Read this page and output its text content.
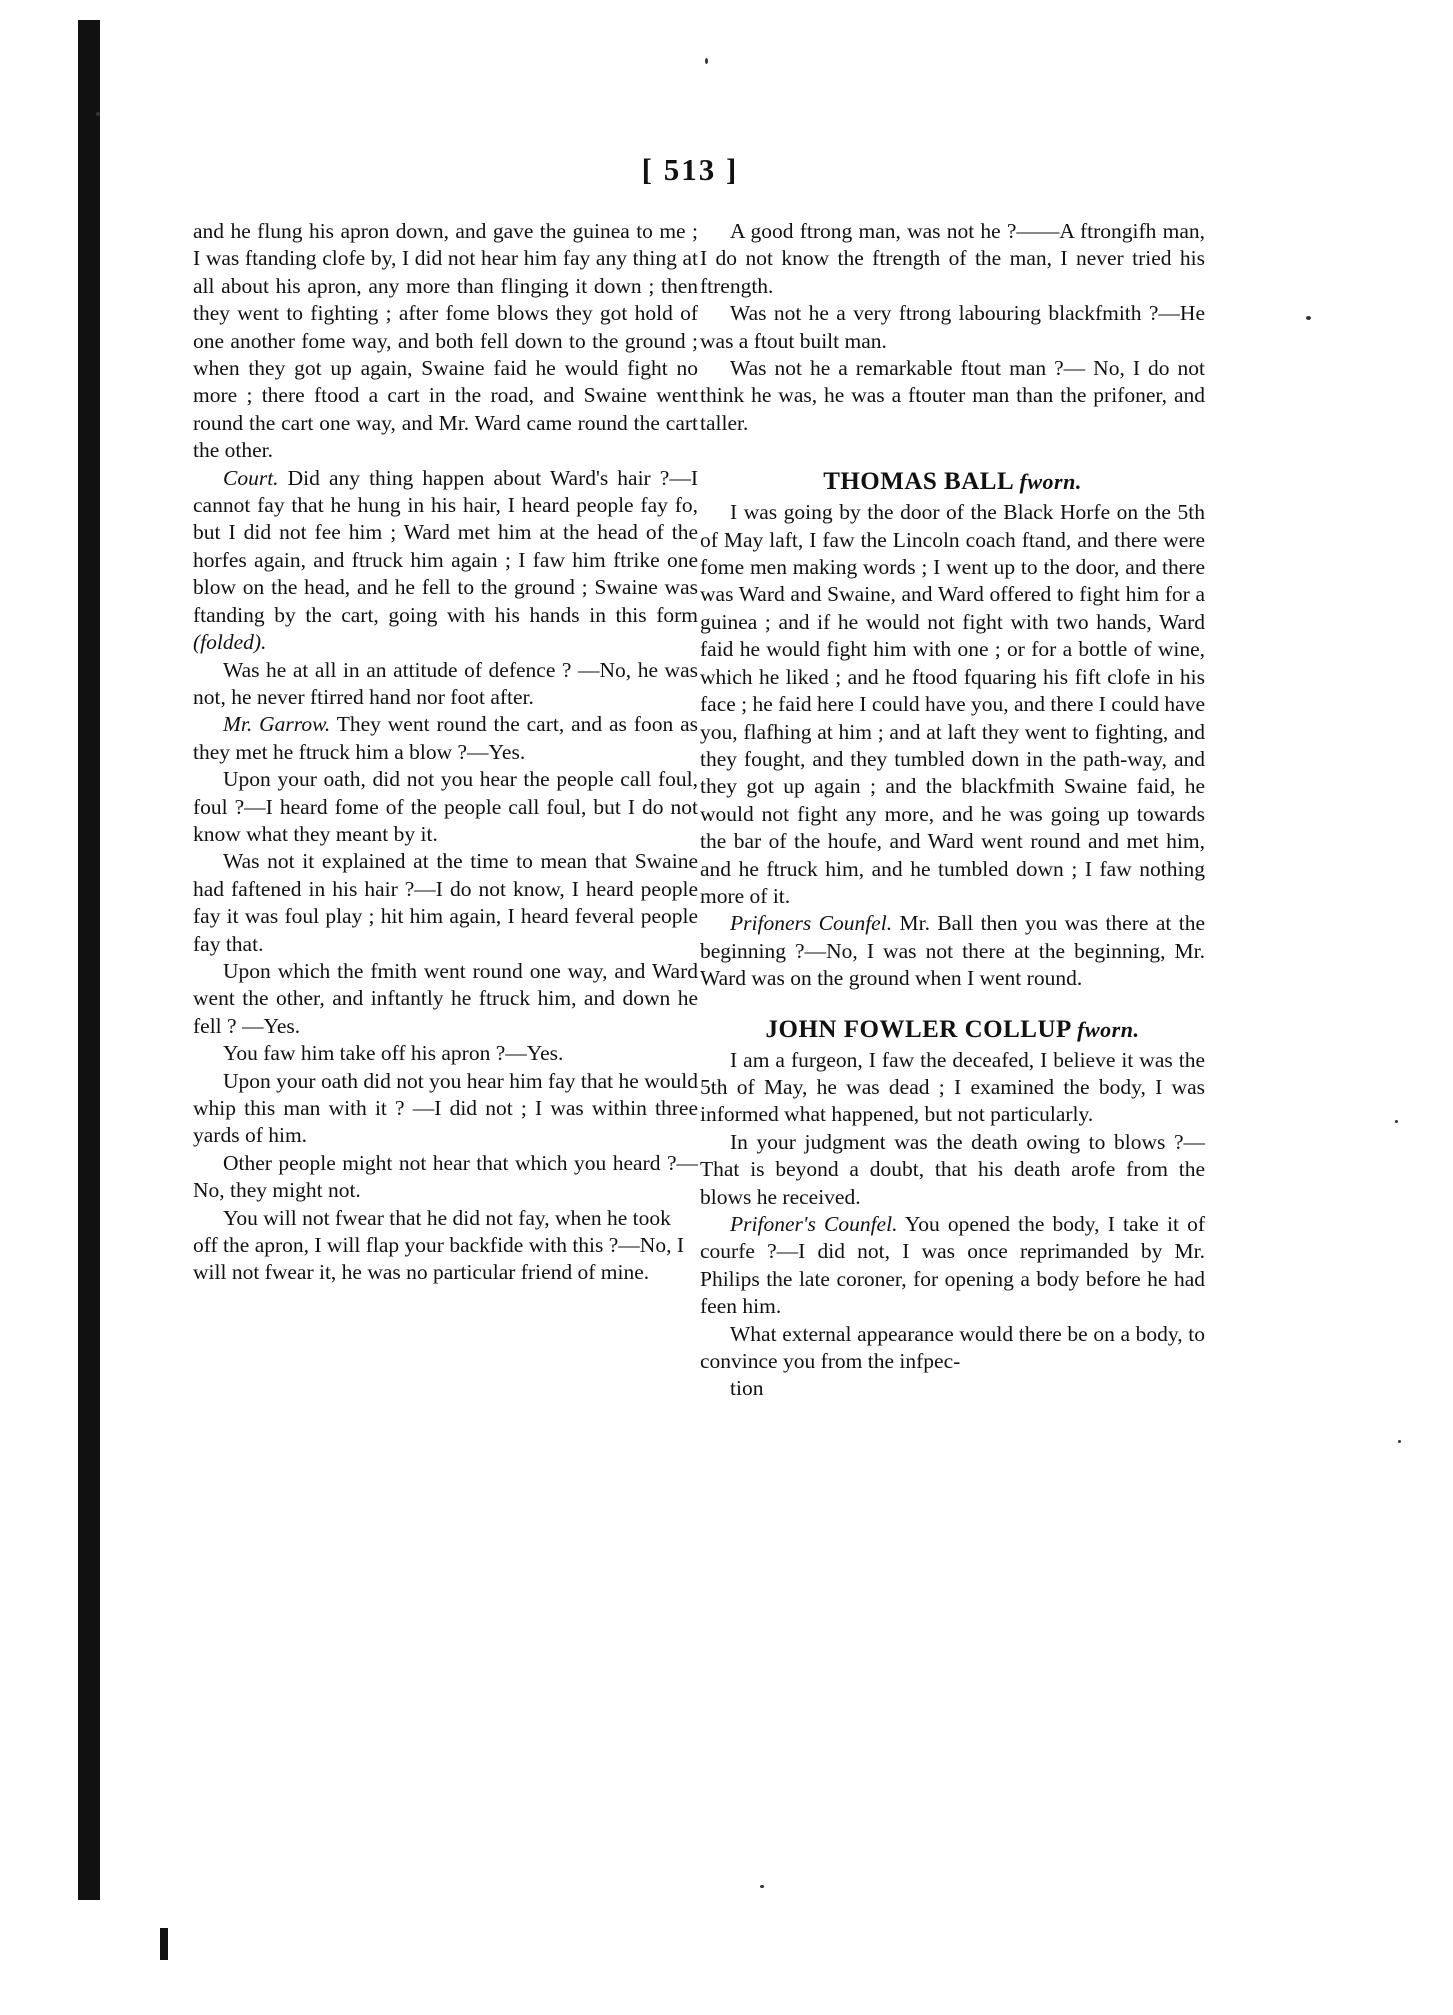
[ 513 ]

and he flung his apron down, and gave the guinea to me ; I was ftanding clofe by, I did not hear him fay any thing at all about his apron, any more than flinging it down ; then they went to fighting ; after fome blows they got hold of one another fome way, and both fell down to the ground ; when they got up again, Swaine faid he would fight no more ; there ftood a cart in the road, and Swaine went round the cart one way, and Mr. Ward came round the cart the other.

Court. Did any thing happen about Ward's hair ?—I cannot fay that he hung in his hair, I heard people fay fo, but I did not fee him ; Ward met him at the head of the horfes again, and ftruck him again ; I faw him ftrike one blow on the head, and he fell to the ground ; Swaine was ftanding by the cart, going with his hands in this form (folded).

Was he at all in an attitude of defence ? —No, he was not, he never ftirred hand nor foot after.

Mr. Garrow. They went round the cart, and as foon as they met he ftruck him a blow ?—Yes.

Upon your oath, did not you hear the people call foul, foul ?—I heard fome of the people call foul, but I do not know what they meant by it.

Was not it explained at the time to mean that Swaine had faftened in his hair ?—I do not know, I heard people fay it was foul play ; hit him again, I heard feveral people fay that.

Upon which the fmith went round one way, and Ward went the other, and inftantly he ftruck him, and down he fell ? —Yes.

You faw him take off his apron ?—Yes.

Upon your oath did not you hear him fay that he would whip this man with it ? —I did not ; I was within three yards of him.

Other people might not hear that which you heard ?—No, they might not.

You will not fwear that he did not fay, when he took off the apron, I will flap your backfide with this ?—No, I will not fwear it, he was no particular friend of mine.

A good ftrong man, was not he ?——A ftrongifh man, I do not know the ftrength of the man, I never tried his ftrength.

Was not he a very ftrong labouring blackfmith ?—He was a ftout built man.

Was not he a remarkable ftout man ?— No, I do not think he was, he was a ftouter man than the prifoner, and taller.

THOMAS BALL fworn.

I was going by the door of the Black Horfe on the 5th of May laft, I faw the Lincoln coach ftand, and there were fome men making words ; I went up to the door, and there was Ward and Swaine, and Ward offered to fight him for a guinea ; and if he would not fight with two hands, Ward faid he would fight him with one ; or for a bottle of wine, which he liked ; and he ftood fquaring his fift clofe in his face ; he faid here I could have you, and there I could have you, flafhing at him ; and at laft they went to fighting, and they fought, and they tumbled down in the path-way, and they got up again ; and the blackfmith Swaine faid, he would not fight any more, and he was going up towards the bar of the houfe, and Ward went round and met him, and he ftruck him, and he tumbled down ; I faw nothing more of it.

Prifoners Counfel. Mr. Ball then you was there at the beginning ?—No, I was not there at the beginning, Mr. Ward was on the ground when I went round.

JOHN FOWLER COLLUP fworn.

I am a furgeon, I faw the deceafed, I believe it was the 5th of May, he was dead ; I examined the body, I was informed what happened, but not particularly.

In your judgment was the death owing to blows ?—That is beyond a doubt, that his death arofe from the blows he received.

Prifoner's Counfel. You opened the body, I take it of courfe ?—I did not, I was once reprimanded by Mr. Philips the late coroner, for opening a body before he had feen him.

What external appearance would there be on a body, to convince you from the infpec-

tion
